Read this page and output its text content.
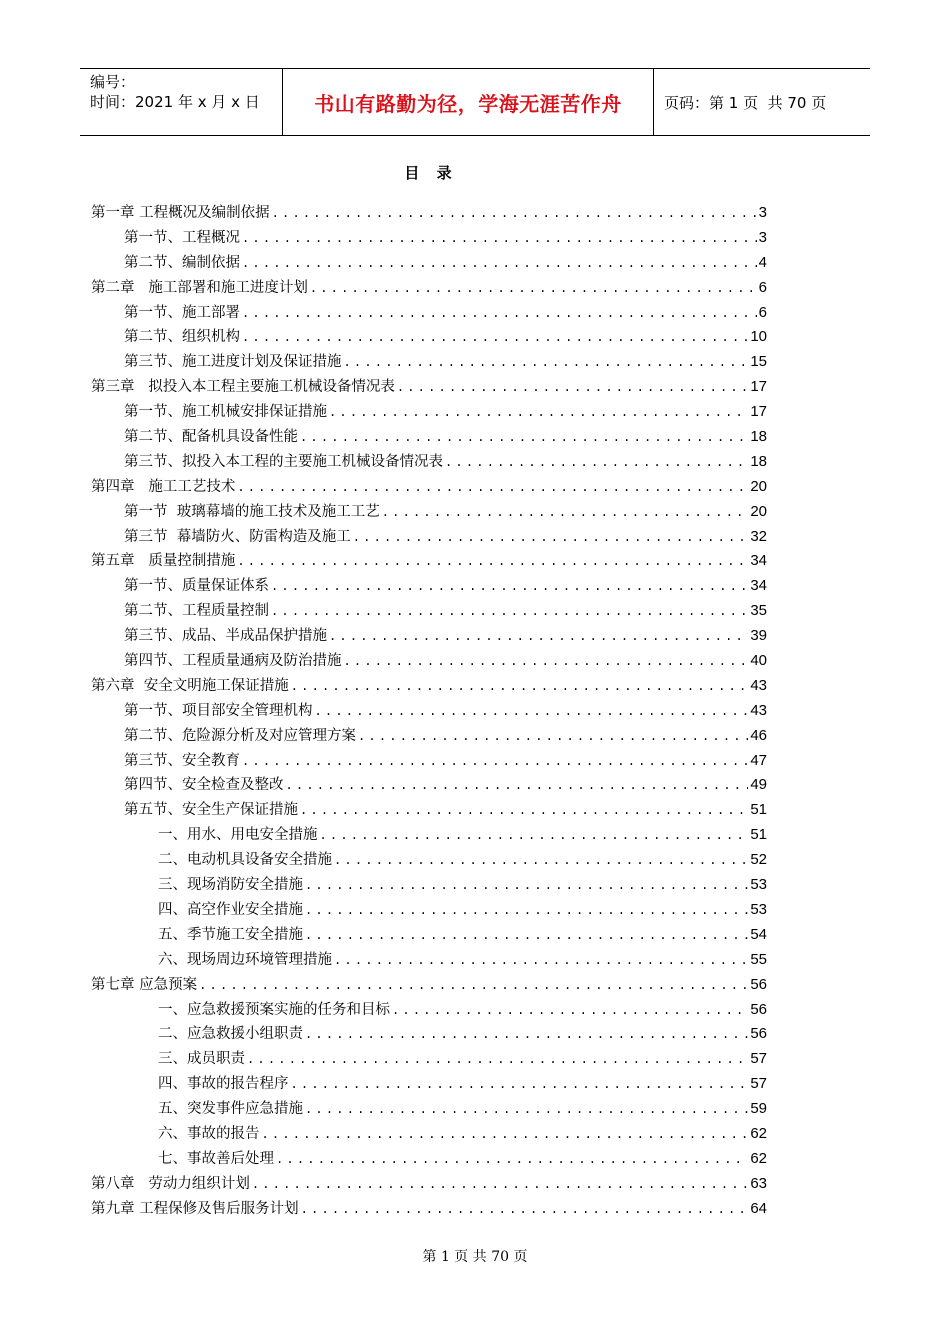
编号：
时间：2021 年 x 月 x 日	书山有路勤为径，学海无涯苦作舟	页码：第 1 页  共 70 页
目 录
第一章 工程概况及编制依据 .....	3
第一节、工程概况 .....	3
第二节、编制依据 .....	4
第二章   施工部署和施工进度计划 .....	6
第一节、施工部署 .....	6
第二节、组织机构 .....	10
第三节、施工进度计划及保证措施 .....	15
第三章   拟投入本工程主要施工机械设备情况表 .....	17
第一节、施工机械安排保证措施 .....	17
第二节、配备机具设备性能 .....	18
第三节、拟投入本工程的主要施工机械设备情况表 .....	18
第四章   施工工艺技术 .....	20
第一节  玻璃幕墙的施工技术及施工工艺 .....	20
第三节  幕墙防火、防雷构造及施工 .....	32
第五章   质量控制措施 .....	34
第一节、质量保证体系 .....	34
第二节、工程质量控制 .....	35
第三节、成品、半成品保护措施 .....	39
第四节、工程质量通病及防治措施 .....	40
第六章  安全文明施工保证措施 .....	43
第一节、项目部安全管理机构 .....	43
第二节、危险源分析及对应管理方案 .....	46
第三节、安全教育 .....	47
第四节、安全检查及整改 .....	49
第五节、安全生产保证措施 .....	51
一、用水、用电安全措施 .....	51
二、电动机具设备安全措施 .....	52
三、现场消防安全措施 .....	53
四、高空作业安全措施 .....	53
五、季节施工安全措施 .....	54
六、现场周边环境管理措施 .....	55
第七章 应急预案 .....	56
一、应急救援预案实施的任务和目标 .....	56
二、应急救援小组职责 .....	56
三、成员职责 .....	57
四、事故的报告程序 .....	57
五、突发事件应急措施 .....	59
六、事故的报告 .....	62
七、事故善后处理 .....	62
第八章   劳动力组织计划 .....	63
第九章 工程保修及售后服务计划 .....	64
第 1 页 共 70 页
